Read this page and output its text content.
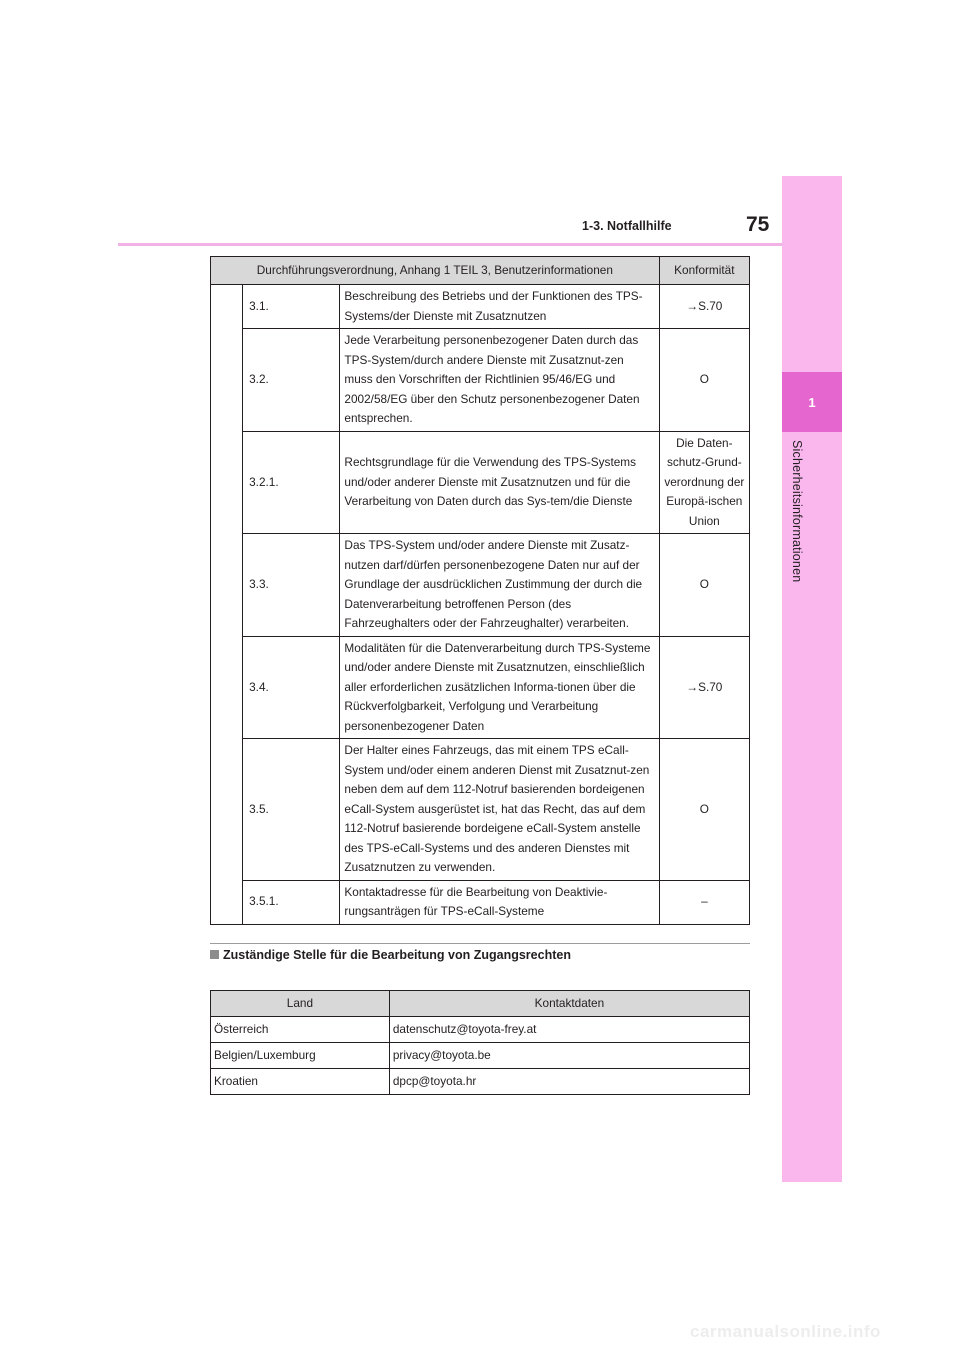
1-3. Notfallhilfe	75
1
Sicherheitsinformationen
Durchführungsverordnung, Anhang 1 TEIL 3, Benutzerinformationen			Konformität
	3.1.	Beschreibung des Betriebs und der Funktionen des TPS-Systems/der Dienste mit Zusatznutzen	→S.70
	3.2.	Jede Verarbeitung personenbezogener Daten durch das TPS-System/durch andere Dienste mit Zusatznut-zen muss den Vorschriften der Richtlinien 95/46/EG und 2002/58/EG über den Schutz personenbezogener Daten entsprechen.	O
	3.2.1.	Rechtsgrundlage für die Verwendung des TPS-Systems und/oder anderer Dienste mit Zusatznutzen und für die Verarbeitung von Daten durch das Sys-tem/die Dienste	Die Daten-schutz-Grund-verordnung der Europä-ischen Union
	3.3.	Das TPS-System und/oder andere Dienste mit Zusatz-nutzen darf/dürfen personenbezogene Daten nur auf der Grundlage der ausdrücklichen Zustimmung der durch die Datenverarbeitung betroffenen Person (des Fahrzeughalters oder der Fahrzeughalter) verarbeiten.	O
	3.4.	Modalitäten für die Datenverarbeitung durch TPS-Systeme und/oder andere Dienste mit Zusatznutzen, einschließlich aller erforderlichen zusätzlichen Informa-tionen über die Rückverfolgbarkeit, Verfolgung und Verarbeitung personenbezogener Daten	→S.70
	3.5.	Der Halter eines Fahrzeugs, das mit einem TPS eCall-System und/oder einem anderen Dienst mit Zusatznut-zen neben dem auf dem 112-Notruf basierenden bordeigenen eCall-System ausgerüstet ist, hat das Recht, das auf dem 112-Notruf basierende bordeigene eCall-System anstelle des TPS-eCall-Systems und des anderen Dienstes mit Zusatznutzen zu verwenden.	O
	3.5.1.	Kontaktadresse für die Bearbeitung von Deaktivie-rungsanträgen für TPS-eCall-Systeme	–
Zuständige Stelle für die Bearbeitung von Zugangsrechten
Land	Kontaktdaten
Österreich	datenschutz@toyota-frey.at
Belgien/Luxemburg	privacy@toyota.be
Kroatien	dpcp@toyota.hr
carmanualsonline.info
